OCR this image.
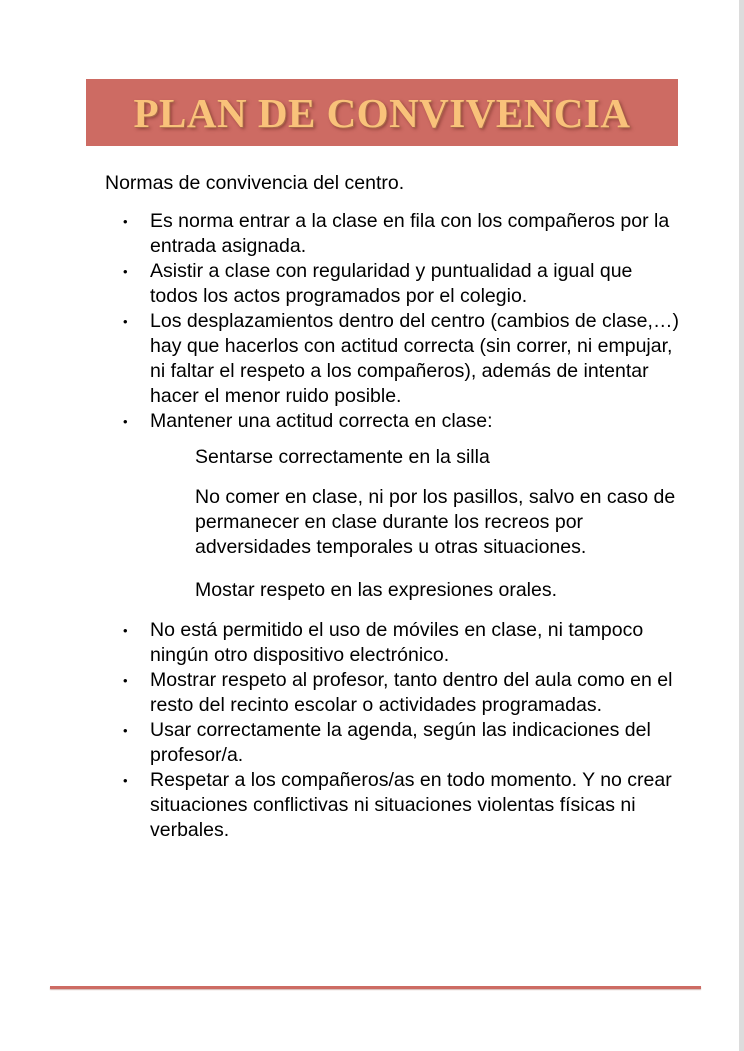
PLAN DE CONVIVENCIA

Normas de convivencia del centro.

• Es norma entrar a la clase en fila con los compañeros por la entrada asignada.
• Asistir a clase con regularidad y puntualidad a igual que todos los actos programados por el colegio.
• Los desplazamientos dentro del centro (cambios de clase,…) hay que hacerlos con actitud correcta (sin correr, ni empujar, ni faltar el respeto a los compañeros), además de intentar hacer el menor ruido posible.
• Mantener una actitud correcta en clase:

Sentarse correctamente en la silla

No comer en clase, ni por los pasillos, salvo en caso de permanecer en clase durante los recreos por adversidades temporales u otras situaciones.

Mostar respeto en las expresiones orales.

• No está permitido el uso de móviles en clase, ni tampoco ningún otro dispositivo electrónico.
• Mostrar respeto al profesor, tanto dentro del aula como en el resto del recinto escolar o actividades programadas.
• Usar correctamente la agenda, según las indicaciones del profesor/a.
• Respetar a los compañeros/as en todo momento. Y no crear situaciones conflictivas ni situaciones violentas físicas ni verbales.
